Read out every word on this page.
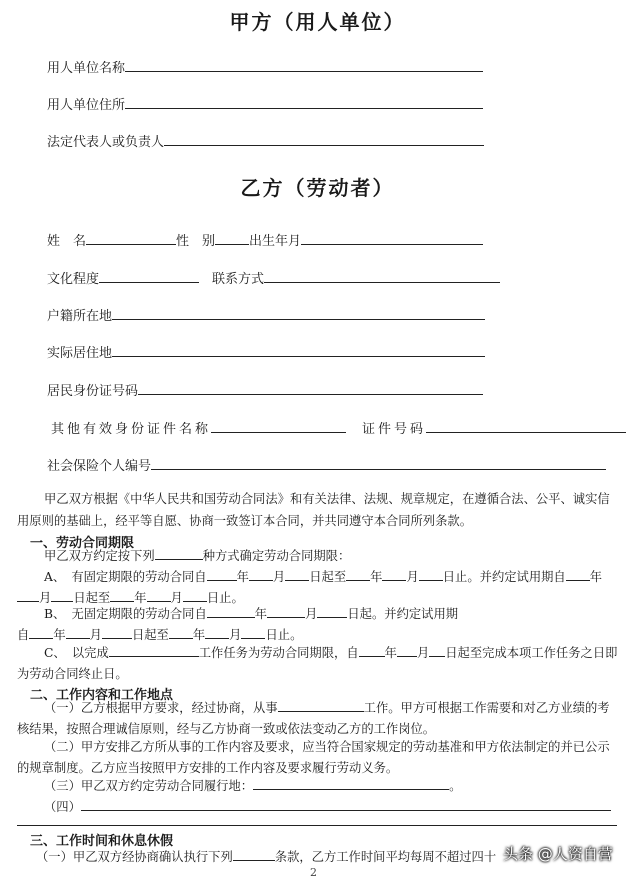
甲方（用人单位）
用人单位名称
用人单位住所
法定代表人或负责人
乙方（劳动者）
姓　名	性　别	出生年月
文化程度　	联系方式
户籍所在地
实际居住地
居民身份证号码
其他有效身份证件名称　	证件号码
社会保险个人编号
甲乙双方根据《中华人民共和国劳动合同法》和有关法律、法规、规章规定，在遵循合法、公平、诚实信
用原则的基础上，经平等自愿、协商一致签订本合同，并共同遵守本合同所列条款。
一、劳动合同期限
甲乙双方约定按下列	种方式确定劳动合同期限：
A、　有固定期限的劳动合同自 年 月 日起至 年 月 日止。并约定试用期自 年
月 日起至 年 月 日止。
B、　无固定期限的劳动合同自	年	月 日起。并约定试用期
自 年 月 日起至 年 月 日止。
C、　以完成	工作任务为劳动合同期限，自 年 月 日起至完成本项工作任务之日即
为劳动合同终止日。
二、工作内容和工作地点
（一）乙方根据甲方要求，经过协商，从事	工作。甲方可根据工作需要和对乙方业绩的考
核结果，按照合理诚信原则，经与乙方协商一致或依法变动乙方的工作岗位。
（二）甲方安排乙方所从事的工作内容及要求，应当符合国家规定的劳动基准和甲方依法制定的并已公示
的规章制度。乙方应当按照甲方安排的工作内容及要求履行劳动义务。
（三）甲乙双方约定劳动合同履行地：	。
（四）
三、工作时间和休息休假
（一）甲乙双方经协商确认执行下列	条款，乙方工作时间平均每周不超过四十
2
头条 @人资自营
